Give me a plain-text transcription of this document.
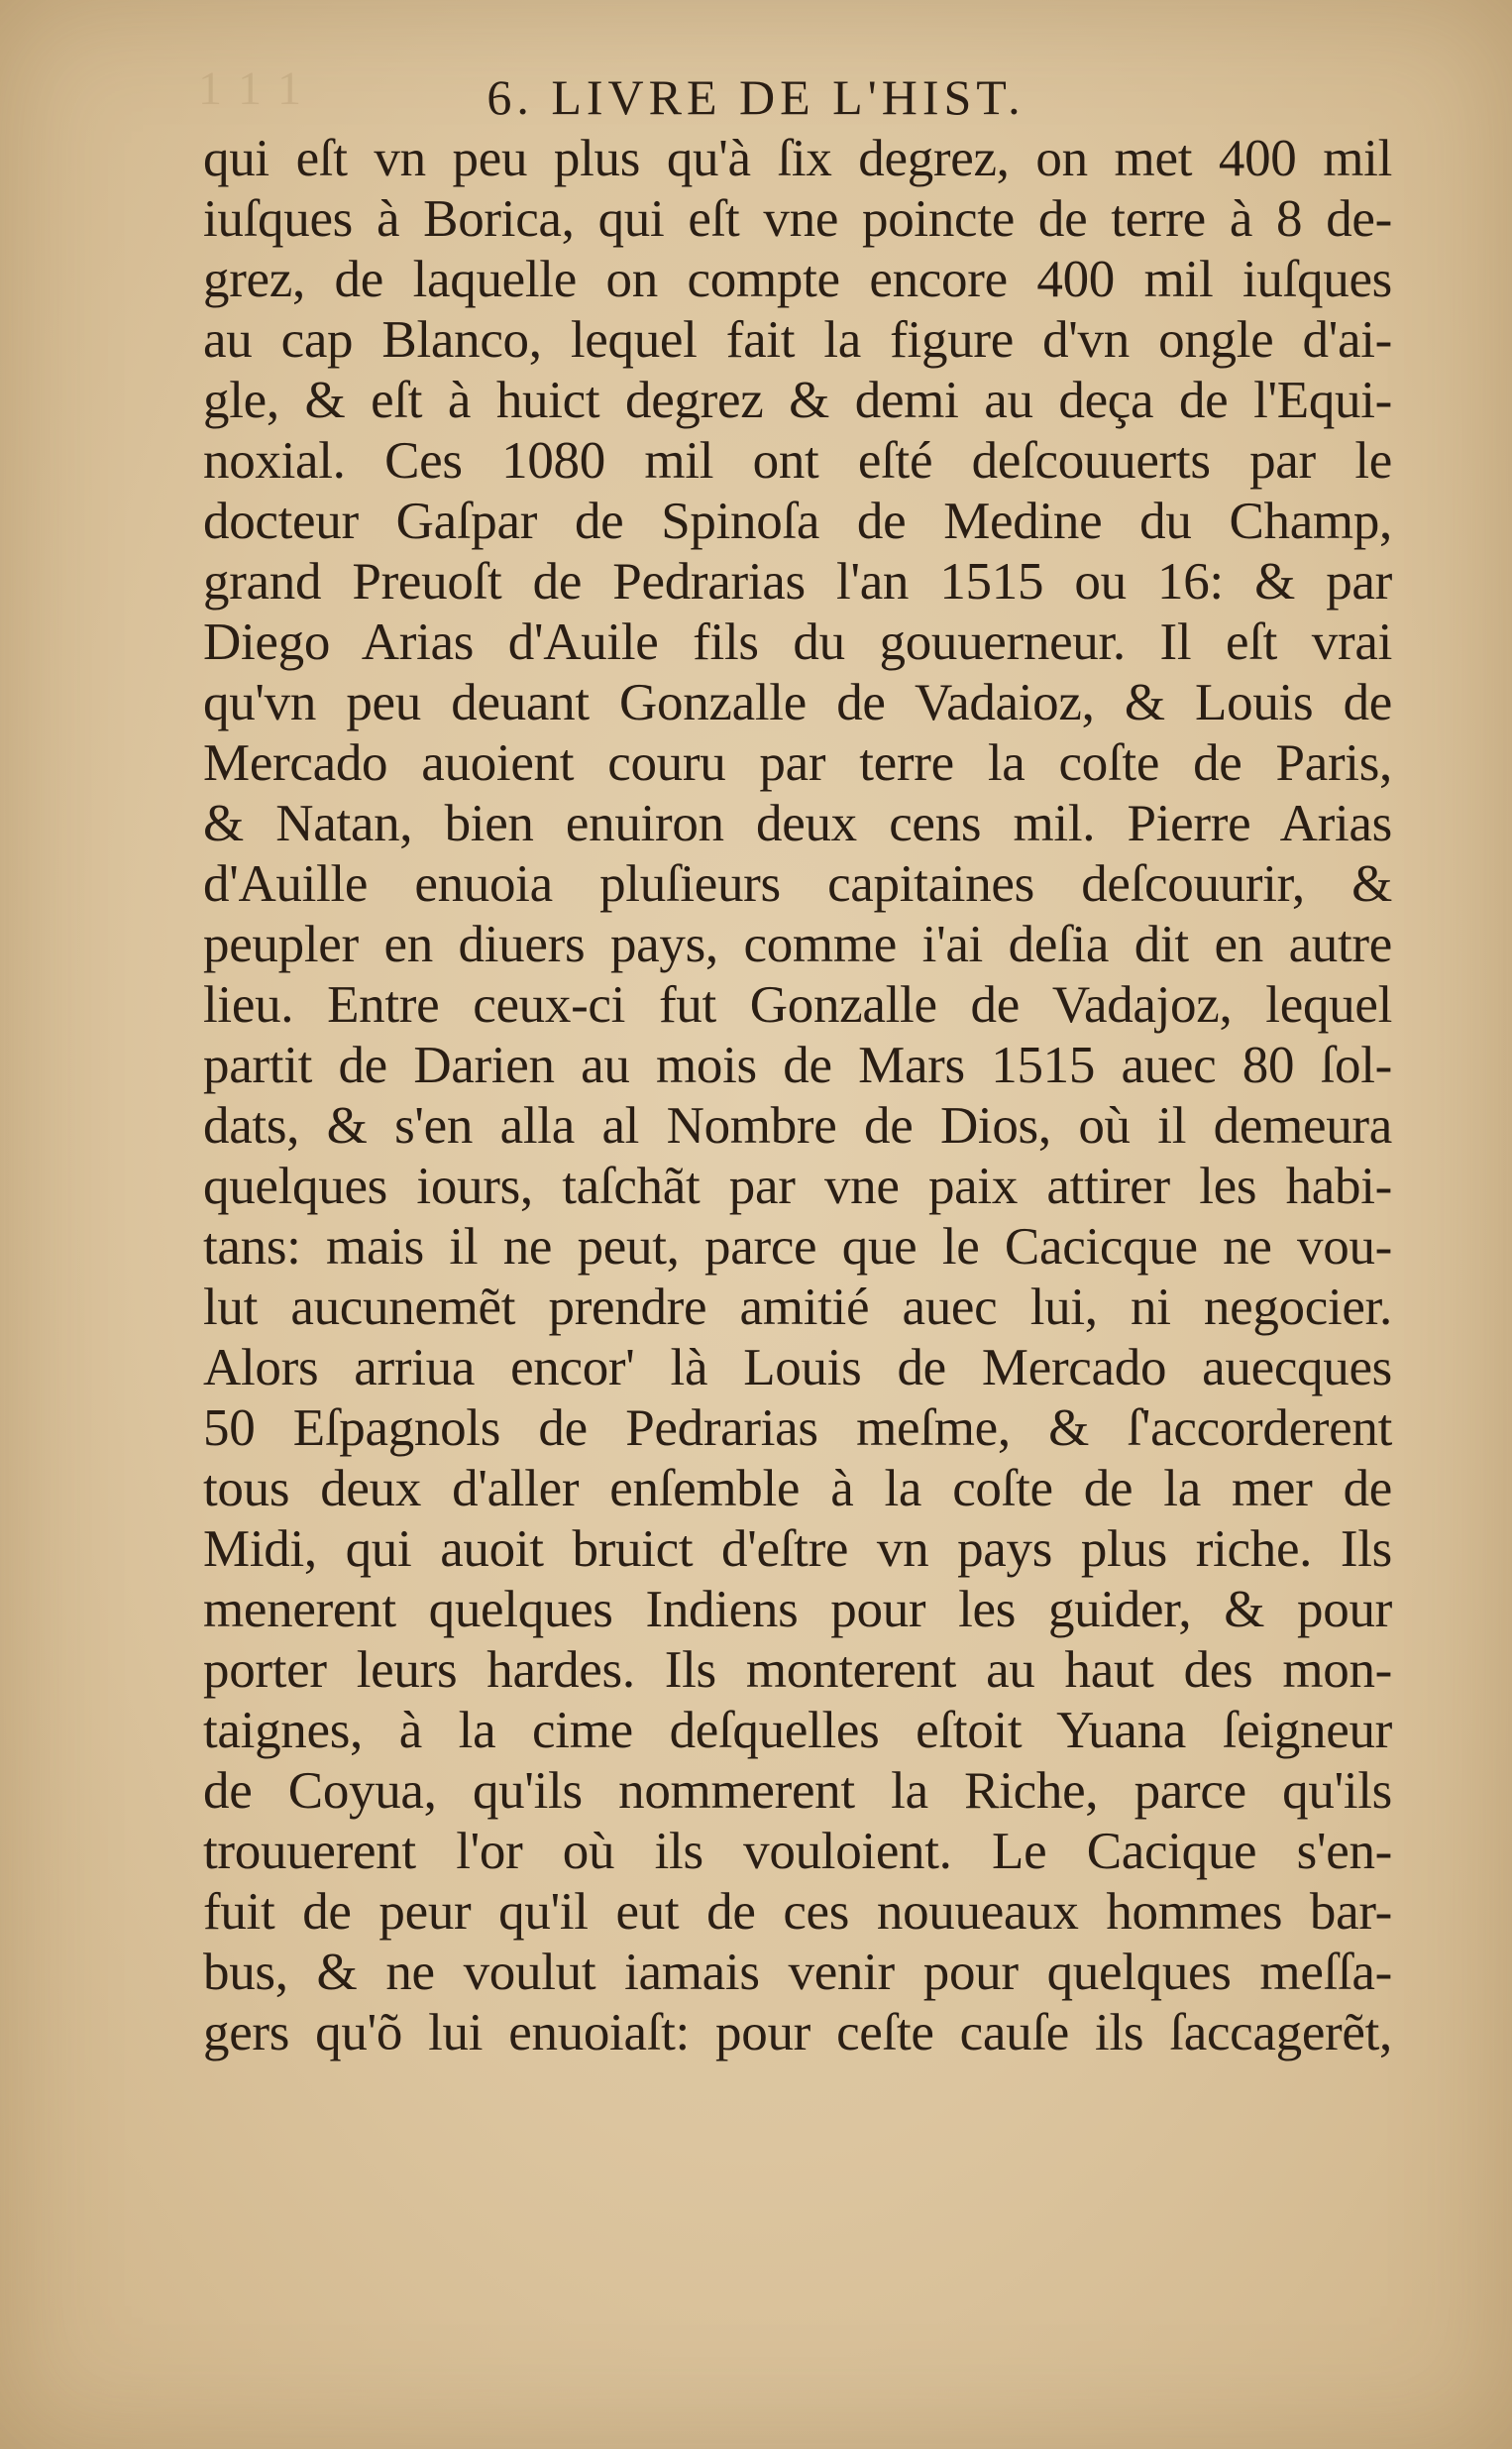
1 1 1	6. LIVRE DE L'HIST.
qui eſt vn peu plus qu'à ſix degrez, on met 400 mil
iuſques à Borica, qui eſt vne poincte de terre à 8 de-
grez, de laquelle on compte encore 400 mil iuſques
au cap Blanco, lequel fait la figure d'vn ongle d'ai-
gle, & eſt à huict degrez & demi au deça de l'Equi-
noxial. Ces 1080 mil ont eſté deſcouuerts par le
docteur Gaſpar de Spinoſa de Medine du Champ,
grand Preuoſt de Pedrarias l'an 1515 ou 16: & par
Diego Arias d'Auile fils du gouuerneur. Il eſt vrai
qu'vn peu deuant Gonzalle de Vadaioz, & Louis de
Mercado auoient couru par terre la coſte de Paris,
& Natan, bien enuiron deux cens mil. Pierre Arias
d'Auille enuoia pluſieurs capitaines deſcouurir, &
peupler en diuers pays, comme i'ai deſia dit en autre
lieu. Entre ceux-ci fut Gonzalle de Vadajoz, lequel
partit de Darien au mois de Mars 1515 auec 80 ſol-
dats, & s'en alla al Nombre de Dios, où il demeura
quelques iours, taſchãt par vne paix attirer les habi-
tans: mais il ne peut, parce que le Cacicque ne vou-
lut aucunemẽt prendre amitié auec lui, ni negocier.
Alors arriua encor' là Louis de Mercado auecques
50 Eſpagnols de Pedrarias meſme, & ſ'accorderent
tous deux d'aller enſemble à la coſte de la mer de
Midi, qui auoit bruict d'eſtre vn pays plus riche. Ils
menerent quelques Indiens pour les guider, & pour
porter leurs hardes. Ils monterent au haut des mon-
taignes, à la cime deſquelles eſtoit Yuana ſeigneur
de Coyua, qu'ils nommerent la Riche, parce qu'ils
trouuerent l'or où ils vouloient. Le Cacique s'en-
fuit de peur qu'il eut de ces nouueaux hommes bar-
bus, & ne voulut iamais venir pour quelques meſſa-
gers qu'õ lui enuoiaſt: pour ceſte cauſe ils ſaccagerẽt,
